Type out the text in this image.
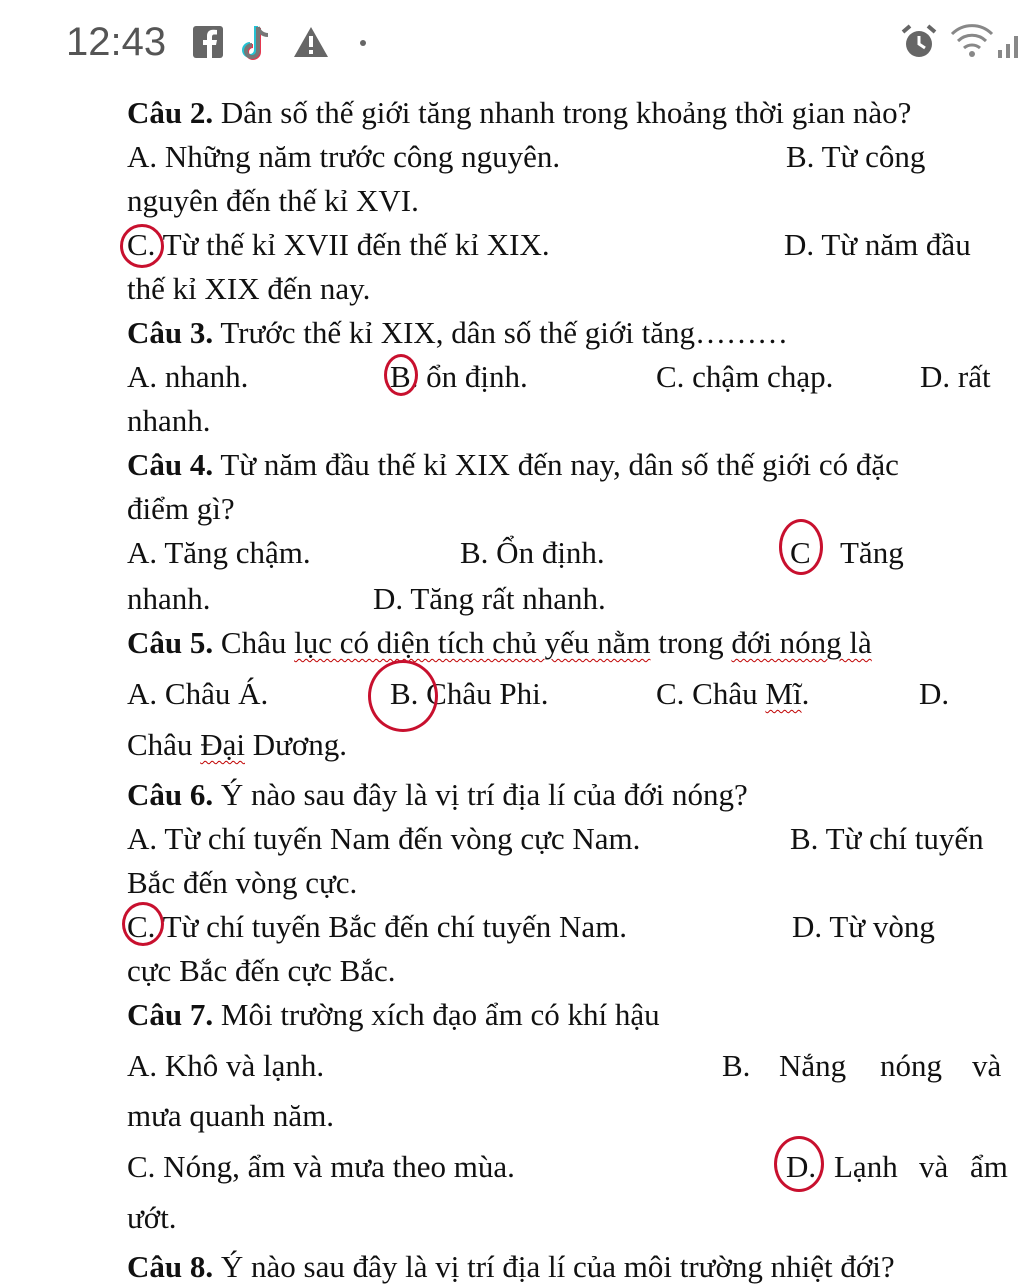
12:43
Câu 2. Dân số thế giới tăng nhanh trong khoảng thời gian nào?
A. Những năm trước công nguyên.	B. Từ công
nguyên đến thế kỉ XVI.
C. Từ thế kỉ XVII đến thế kỉ XIX.	D. Từ năm đầu
thế kỉ XIX đến nay.
Câu 3. Trước thế kỉ XIX, dân số thế giới tăng………
A. nhanh.	B. ổn định.	C. chậm chạp.	D. rất
nhanh.
Câu 4. Từ năm đầu thế kỉ XIX đến nay, dân số thế giới có đặc
điểm gì?
A. Tăng chậm.	B. Ổn định.	C Tăng
nhanh.	D. Tăng rất nhanh.
Câu 5. Châu lục có diện tích chủ yếu nằm trong đới nóng là
A. Châu Á.	B. Châu Phi.	C. Châu Mĩ.	D.
Châu Đại Dương.
Câu 6. Ý nào sau đây là vị trí địa lí của đới nóng?
A. Từ chí tuyến Nam đến vòng cực Nam.	B. Từ chí tuyến
Bắc đến vòng cực.
C. Từ chí tuyến Bắc đến chí tuyến Nam.	D. Từ vòng
cực Bắc đến cực Bắc.
Câu 7. Môi trường xích đạo ẩm có khí hậu
A. Khô và lạnh.	B. Nắng nóng và
mưa quanh năm.
C. Nóng, ẩm và mưa theo mùa.	D. Lạnh và ẩm
ướt.
Câu 8. Ý nào sau đây là vị trí địa lí của môi trường nhiệt đới?
